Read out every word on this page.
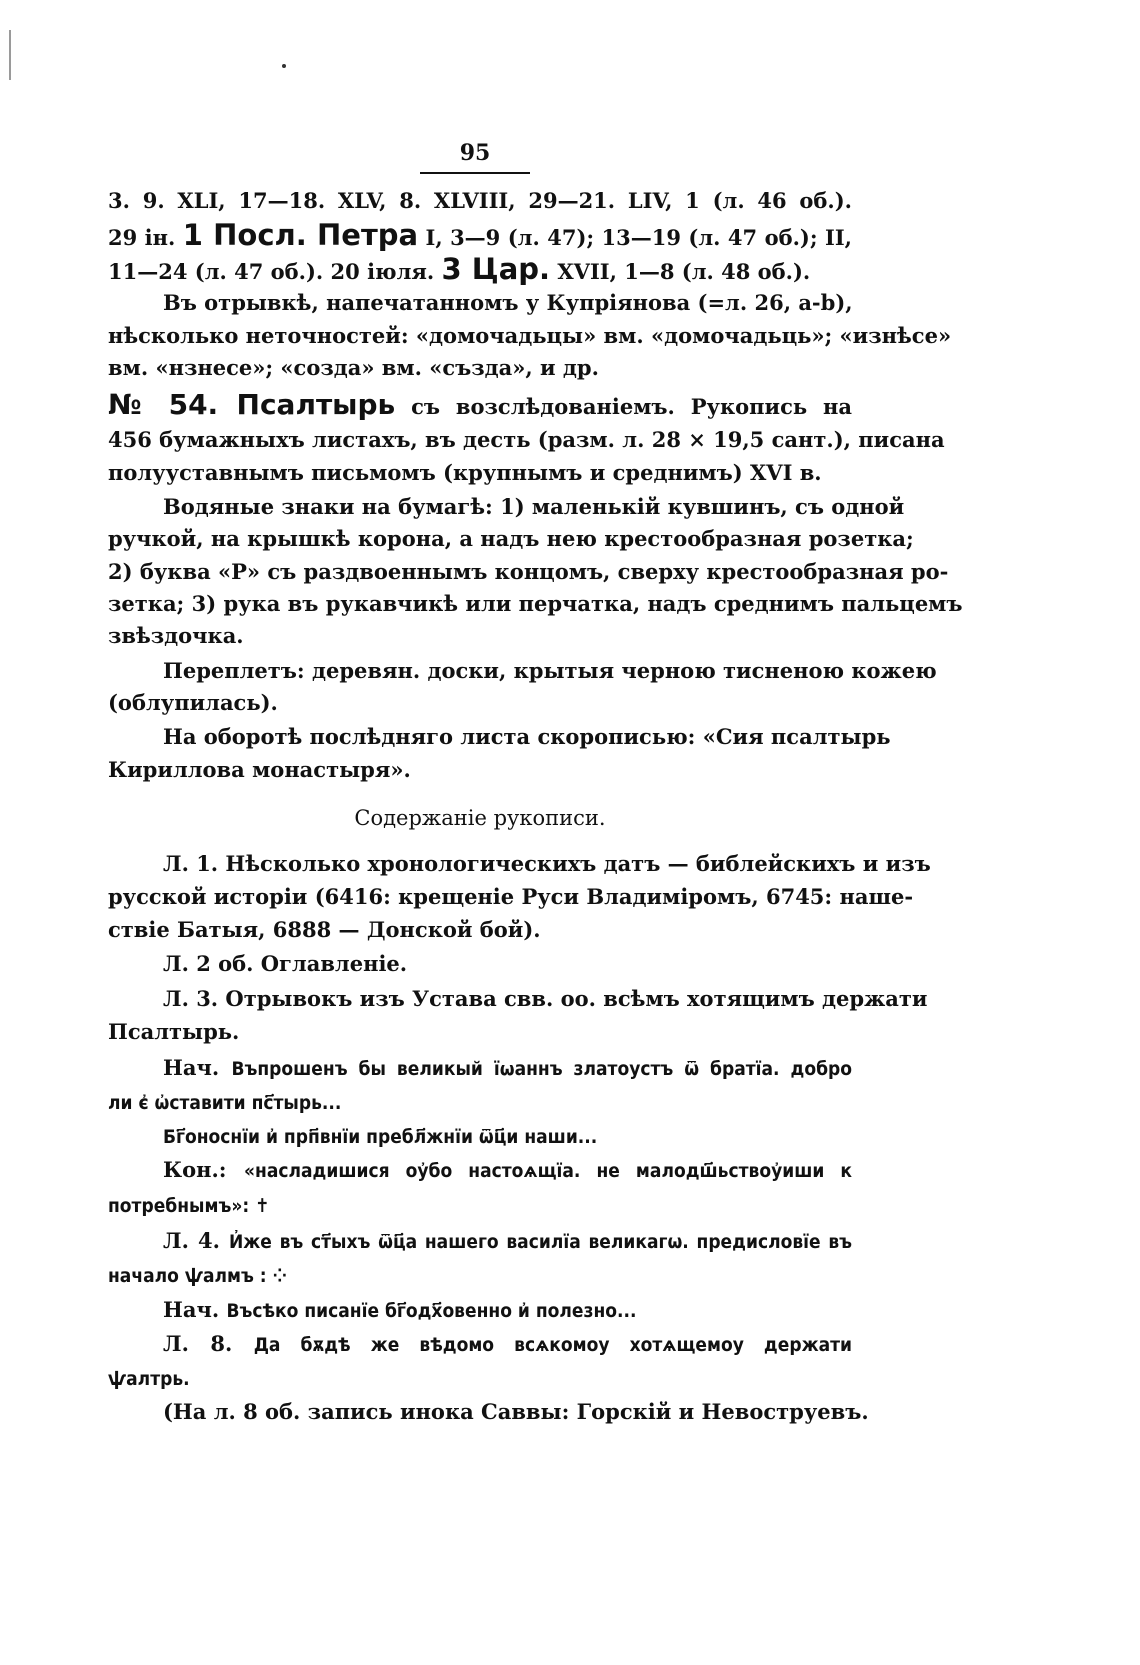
95
3. 9. XLI, 17—18. XLV, 8. XLVIII, 29—21. LIV, 1 (л. 46 об.).
29 ін. 1 Посл. Петра I, 3—9 (л. 47); 13—19 (л. 47 об.); II,
11—24 (л. 47 об.). 20 іюля. 3 Цар. XVII, 1—8 (л. 48 об.).
Въ отрывкѣ, напечатанномъ у Купріянова (=л. 26, a-b),
нѣсколько неточностей: «домочадьцы» вм. «домочадьць»; «изнѣсе»
вм. «нзнесе»; «созда» вм. «създа», и др.
№ 54. Псалтырь съ возслѣдованіемъ. Рукопись на
456 бумажныхъ листахъ, въ десть (разм. л. 28 × 19,5 сант.), писана
полууставнымъ письмомъ (крупнымъ и среднимъ) XVI в.
Водяные знаки на бумагѣ: 1) маленькій кувшинъ, съ одной
ручкой, на крышкѣ корона, а надъ нею крестообразная розетка;
2) буква «Р» съ раздвоеннымъ концомъ, сверху крестообразная ро-
зетка; 3) рука въ рукавчикѣ или перчатка, надъ среднимъ пальцемъ
звѣздочка.
Переплетъ: деревян. доски, крытыя черною тисненою кожею
(облупилась).
На оборотѣ послѣдняго листа скорописью: «Сия псалтырь
Кириллова монастыря».
Содержаніе рукописи.
Л. 1. Нѣсколько хронологическихъ датъ — библейскихъ и изъ
русской исторіи (6416: крещеніе Руси Владиміромъ, 6745: наше-
ствіе Батыя, 6888 — Донской бой).
Л. 2 об. Оглавленіе.
Л. 3. Отрывокъ изъ Устава свв. оо. всѣмъ хотящимъ держати
Псалтырь.
Нач. Въпрошенъ бы великый їωаннъ златоустъ ѿ братїа. добро
ли є҆ ѡ҆ставити пс҃тырь...
Бг҃оноснїи и҆ прп҃внїи пребл҃жнїи ѿц҃и наши...
Кон.: «насладишися оу҆бо настоѧщїа. не малодш҃ьствоу҆иши к
потребнымъ»: ✝
Л. 4. И҆же въ ст҃ыхъ ѿц҃а нашего василїа великагѡ. предисловїе въ
начало ѱалмъ : ⁘
Нач. Въсѣко писанїе бг҃одх҃овенно и҆ полезно...
Л. 8. Да бѫдѣ же вѣдомо всѧкомоу хотѧщемоу держати
ѱалтрь.
(На л. 8 об. запись инока Саввы: Горскій и Невоструевъ.
